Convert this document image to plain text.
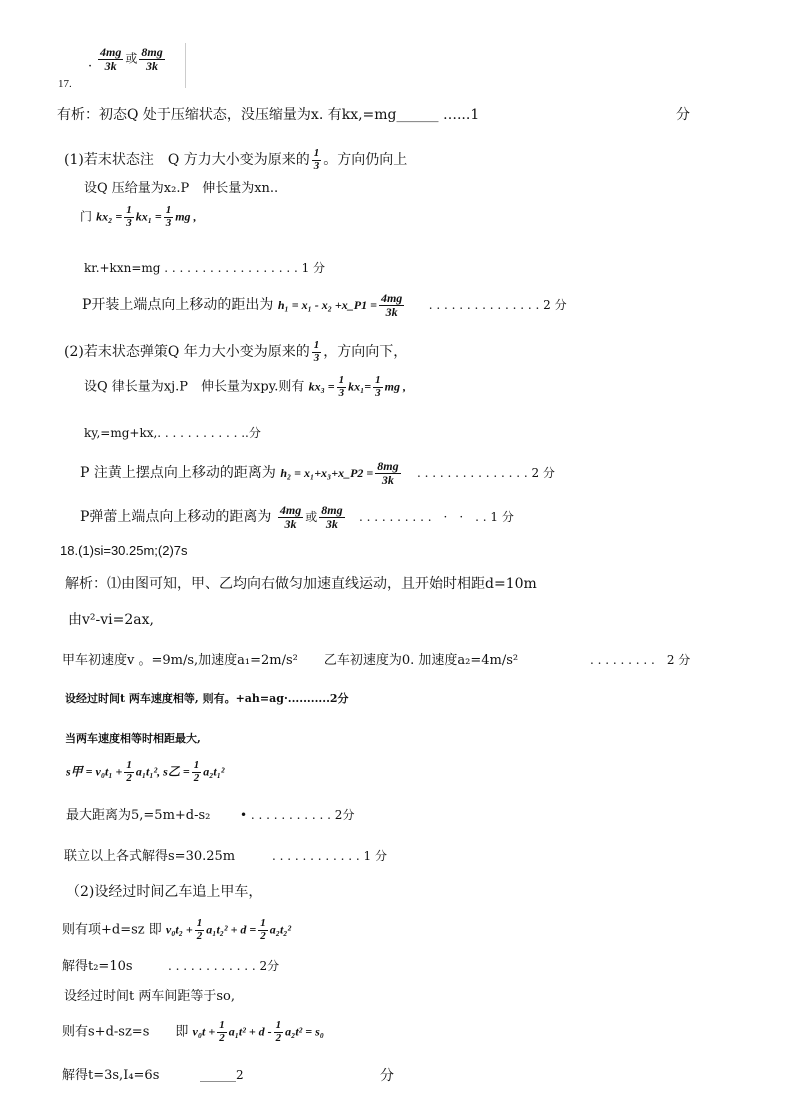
· $\frac{4mg}{3k}$ 或 $\frac{8mg}{3k}$
17.
有析：初态Q 处于压缩状态，没压缩量为x. 有kx,=mg______ …...1	分
(1)若末状态注　Q 方力大小变为原来的 $\frac{1}{3}$ 。方向仍向上
设Q 压给量为x₂.P　伸长量为xn..
门 $kx_2 = \frac{1}{3} kx_1 = \frac{1}{3}$ mg ,
kr.+kxn=mg . . . . . . . . . . . . . . . . . . 1 分
P开装上端点向上移动的距出为 h₁ = x₁ - x₂ +x_P1 = $\frac{4mg}{3k}$ . . . . . . . . . . . . . . . 2 分
(2)若末状态弹策Q 年力大小变为原来的 $\frac{1}{3}$ ，方向向下，
设Q 律长量为xj.P　伸长量为xpy.则有 $kx_3 = \frac{1}{3} kx_1= \frac{1}{3}$ mg ,
ky,=mg+kx,. . . . . . . . . . . ..分
P 注黄上摆点向上移动的距离为 h₂ = x₁+x₃+x_P2 = $\frac{8mg}{3k}$ . . . . . . . . . . . . . . . 2 分
P弹蕾上端点向上移动的距离为 $\frac{4mg}{3k}$ 或 $\frac{8mg}{3k}$ . . . . . . . . . .　·　·　. . 1 分
18.(1)si=30.25m;(2)7s
解析：⑴由图可知，甲、乙均向右做匀加速直线运动，且开始时相距d=10m
由v²-vi=2ax,
甲车初速度v 。=9m/s,加速度a₁=2m/s²　　乙车初速度为0. 加速度a₂=4m/s²	. . . . . . . . .　2 分
设经过时间t 两车速度相等, 则有。+ah=ag·...........2分
当两车速度相等时相距最大,
s甲 = $v_0t_1 + \frac{1}{2} a_1t_1^2$, s乙 = $\frac{1}{2} a_2t_1^2$
最大距离为5,=5m+d-s₂ • . . . . . . . . . . . 2分
联立以上各式解得s=30.25m	. . . . . . . . . . . . 1 分
（2)设经过时间乙车追上甲车，
则有项+d=sz 即 $v_0t_2 + \frac{1}{2} a_1t_2^2 + d = \frac{1}{2} a_2t_2^2$
解得t₂=10s	. . . . . . . . . . . . 2分
设经过时间t 两车间距等于so,
则有s+d-sz=s　　即 $v_0t + \frac{1}{2} a_1t^2 + d - \frac{1}{2} a_2t^2 = s_0$
解得t=3s,I₄=6s	______2	分
